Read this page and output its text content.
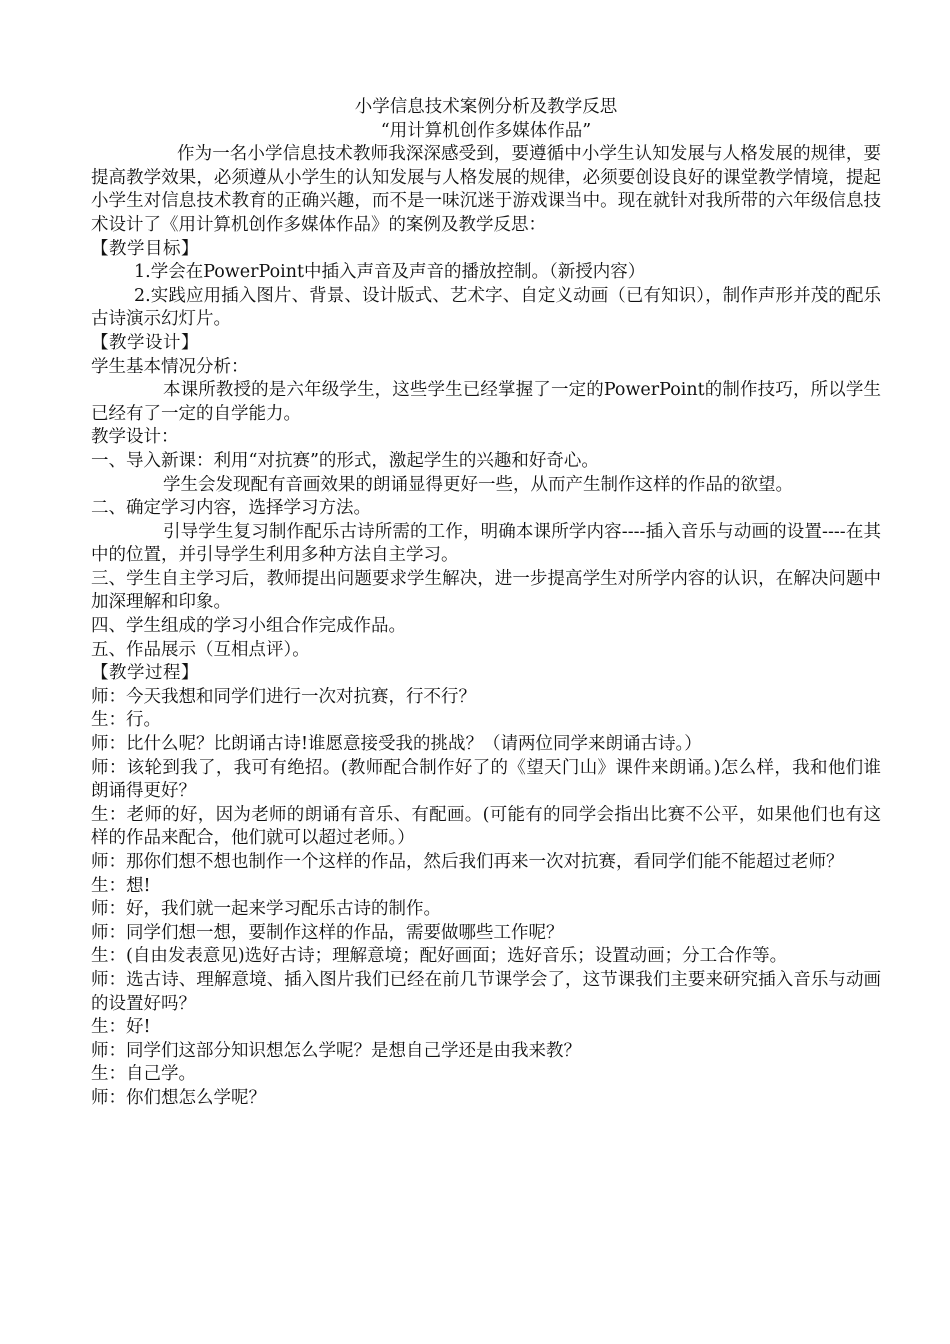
小学信息技术案例分析及教学反思
“用计算机创作多媒体作品”
作为一名小学信息技术教师我深深感受到，要遵循中小学生认知发展与人格发展的规律，要提高教学效果，必须遵从小学生的认知发展与人格发展的规律，必须要创设良好的课堂教学情境，提起小学生对信息技术教育的正确兴趣，而不是一味沉迷于游戏课当中。现在就针对我所带的六年级信息技术设计了《用计算机创作多媒体作品》的案例及教学反思：
【教学目标】
1.学会在PowerPoint中插入声音及声音的播放控制。（新授内容）
2.实践应用插入图片、背景、设计版式、艺术字、自定义动画（已有知识），制作声形并茂的配乐古诗演示幻灯片。
【教学设计】
学生基本情况分析：
本课所教授的是六年级学生，这些学生已经掌握了一定的PowerPoint的制作技巧，所以学生已经有了一定的自学能力。
教学设计：
一、导入新课：利用“对抗赛”的形式，激起学生的兴趣和好奇心。
学生会发现配有音画效果的朗诵显得更好一些，从而产生制作这样的作品的欲望。
二、确定学习内容，选择学习方法。
引导学生复习制作配乐古诗所需的工作，明确本课所学内容----插入音乐与动画的设置----在其中的位置，并引导学生利用多种方法自主学习。
三、学生自主学习后，教师提出问题要求学生解决，进一步提高学生对所学内容的认识，在解决问题中加深理解和印象。
四、学生组成的学习小组合作完成作品。
五、作品展示（互相点评）。
【教学过程】
师：今天我想和同学们进行一次对抗赛，行不行？
生：行。
师：比什么呢？比朗诵古诗!谁愿意接受我的挑战？（请两位同学来朗诵古诗。）
师：该轮到我了，我可有绝招。(教师配合制作好了的《望天门山》课件来朗诵。)怎么样，我和他们谁朗诵得更好？
生：老师的好，因为老师的朗诵有音乐、有配画。(可能有的同学会指出比赛不公平，如果他们也有这样的作品来配合，他们就可以超过老师。）
师：那你们想不想也制作一个这样的作品，然后我们再来一次对抗赛，看同学们能不能超过老师？
生：想!
师：好，我们就一起来学习配乐古诗的制作。
师：同学们想一想，要制作这样的作品，需要做哪些工作呢？
生：(自由发表意见)选好古诗；理解意境；配好画面；选好音乐；设置动画；分工合作等。
师：选古诗、理解意境、插入图片我们已经在前几节课学会了，这节课我们主要来研究插入音乐与动画的设置好吗？
生：好!
师：同学们这部分知识想怎么学呢？是想自己学还是由我来教？
生：自己学。
师：你们想怎么学呢？
